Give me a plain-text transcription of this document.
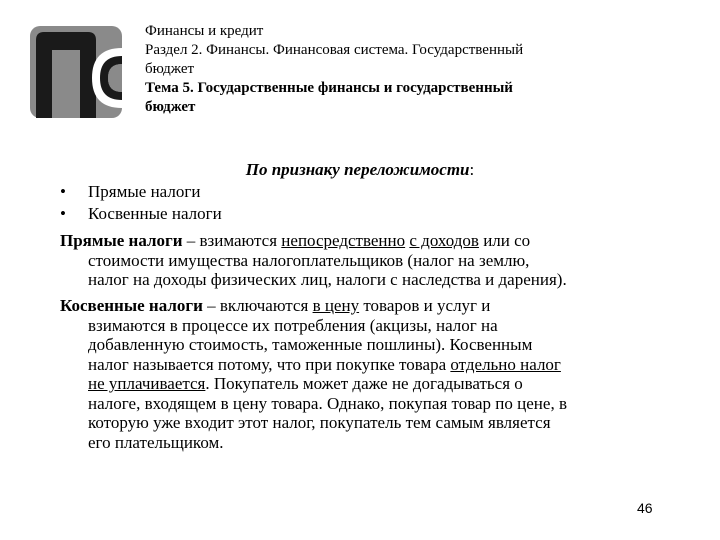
Финансы и кредит
Раздел 2. Финансы. Финансовая система. Государственный
бюджет
Тема 5. Государственные финансы и государственный
бюджет
По признаку переложимости:
•	Прямые налоги
•	Косвенные налоги
Прямые налоги – взимаются непосредственно с доходов или со
стоимости имущества налогоплательщиков (налог на землю,
налог на доходы физических лиц, налоги с наследства и дарения).
Косвенные налоги – включаются в цену товаров и услуг и
взимаются в процессе их потребления (акцизы, налог на
добавленную стоимость, таможенные пошлины). Косвенным
налог называется потому, что при покупке товара отдельно налог
не уплачивается. Покупатель может даже не догадываться о
налоге, входящем в цену товара. Однако, покупая товар по цене, в
которую уже входит этот налог, покупатель тем самым является
его плательщиком.
46
